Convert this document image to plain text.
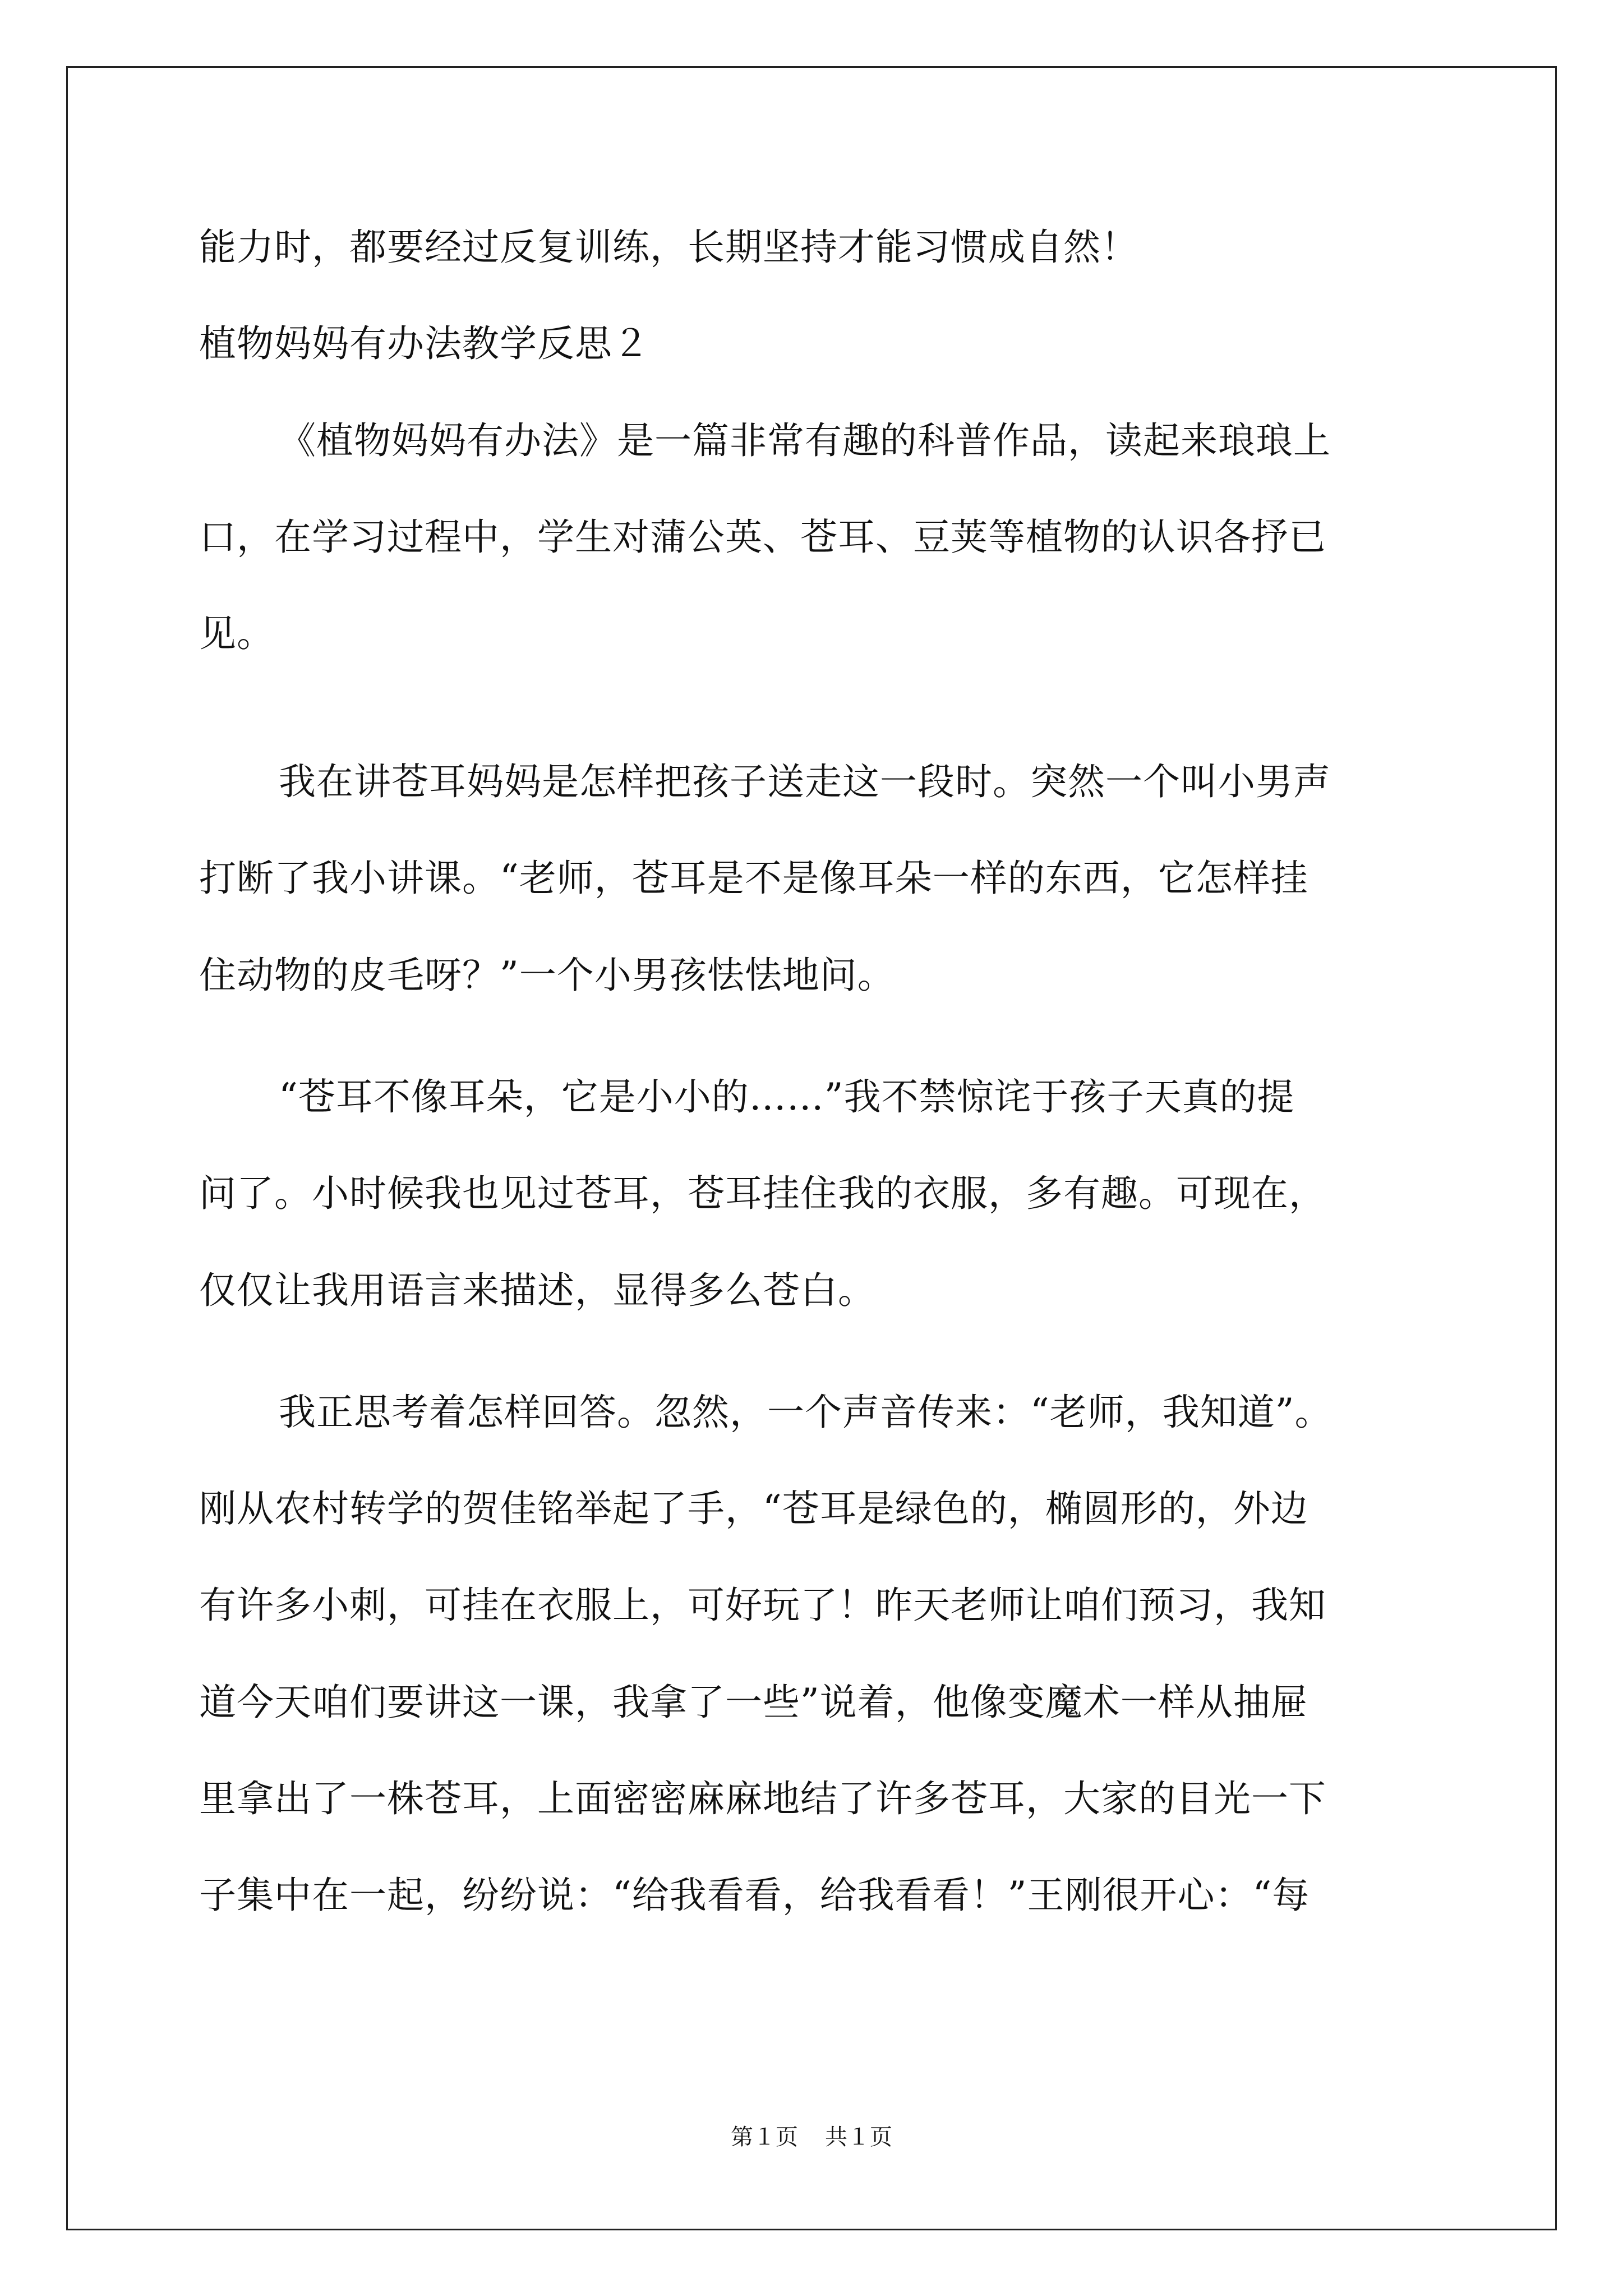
能力时，都要经过反复训练，长期坚持才能习惯成自然！
植物妈妈有办法教学反思２
《植物妈妈有办法》是一篇非常有趣的科普作品，读起来琅琅上
口，在学习过程中，学生对蒲公英、苍耳、豆荚等植物的认识各抒已
见。
我在讲苍耳妈妈是怎样把孩子送走这一段时。突然一个叫小男声
打断了我小讲课。“老师，苍耳是不是像耳朵一样的东西，它怎样挂
住动物的皮毛呀？”一个小男孩怯怯地问。
“苍耳不像耳朵，它是小小的……”我不禁惊诧于孩子天真的提
问了。小时候我也见过苍耳，苍耳挂住我的衣服，多有趣。可现在，
仅仅让我用语言来描述，显得多么苍白。
我正思考着怎样回答。忽然，一个声音传来：“老师，我知道”。
刚从农村转学的贺佳铭举起了手，“苍耳是绿色的，椭圆形的，外边
有许多小刺，可挂在衣服上，可好玩了！昨天老师让咱们预习，我知
道今天咱们要讲这一课，我拿了一些”说着，他像变魔术一样从抽屉
里拿出了一株苍耳，上面密密麻麻地结了许多苍耳，大家的目光一下
子集中在一起，纷纷说：“给我看看，给我看看！”王刚很开心：“每
第１页 共１页
